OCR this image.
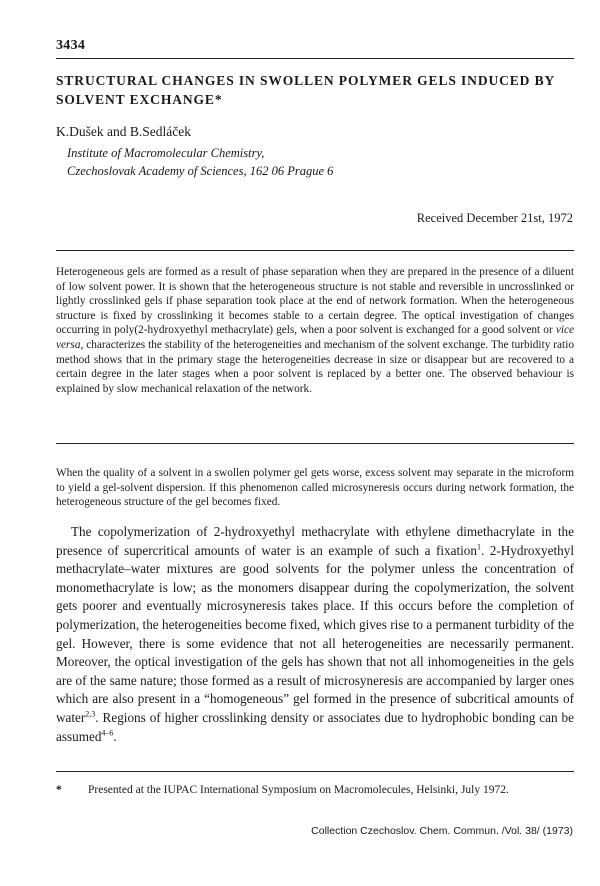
3434
STRUCTURAL CHANGES IN SWOLLEN POLYMER GELS INDUCED BY SOLVENT EXCHANGE*
K.Dušek and B.Sedláček
Institute of Macromolecular Chemistry,
Czechoslovak Academy of Sciences, 162 06 Prague 6
Received December 21st, 1972

Heterogeneous gels are formed as a result of phase separation when they are prepared in the presence of a diluent of low solvent power. It is shown that the heterogeneous structure is not stable and reversible in uncrosslinked or lightly crosslinked gels if phase separation took place at the end of network formation. When the heterogeneous structure is fixed by crosslinking it becomes stable to a certain degree. The optical investigation of changes occurring in poly(2-hydroxyethyl methacrylate) gels, when a poor solvent is exchanged for a good solvent or vice versa, characterizes the stability of the heterogeneities and mechanism of the solvent exchange. The turbidity ratio method shows that in the primary stage the heterogeneities decrease in size or disappear but are recovered to a certain degree in the later stages when a poor solvent is replaced by a better one. The observed behaviour is explained by slow mechanical relaxation of the network.

When the quality of a solvent in a swollen polymer gel gets worse, excess solvent may separate in the microform to yield a gel-solvent dispersion. If this phenomenon called microsyneresis occurs during network formation, the heterogeneous structure of the gel becomes fixed.

The copolymerization of 2-hydroxyethyl methacrylate with ethylene dimethacrylate in the presence of supercritical amounts of water is an example of such a fixation$^1$. 2-Hydroxyethyl methacrylate–water mixtures are good solvents for the polymer unless the concentration of monomethacrylate is low; as the monomers disappear during the copolymerization, the solvent gets poorer and eventually microsyneresis takes place. If this occurs before the completion of polymerization, the heterogeneities become fixed, which gives rise to a permanent turbidity of the gel. However, there is some evidence that not all heterogeneities are necessarily permanent. Moreover, the optical investigation of the gels has shown that not all inhomogeneities in the gels are of the same nature; those formed as a result of microsyneresis are accompanied by larger ones which are also present in a “homogeneous” gel formed in the presence of subcritical amounts of water$^{2,3}$. Regions of higher crosslinking density or associates due to hydrophobic bonding can be assumed$^{4-6}$.

* Presented at the IUPAC International Symposium on Macromolecules, Helsinki, July 1972.
Collection Czechoslov. Chem. Commun. /Vol. 38/ (1973)
